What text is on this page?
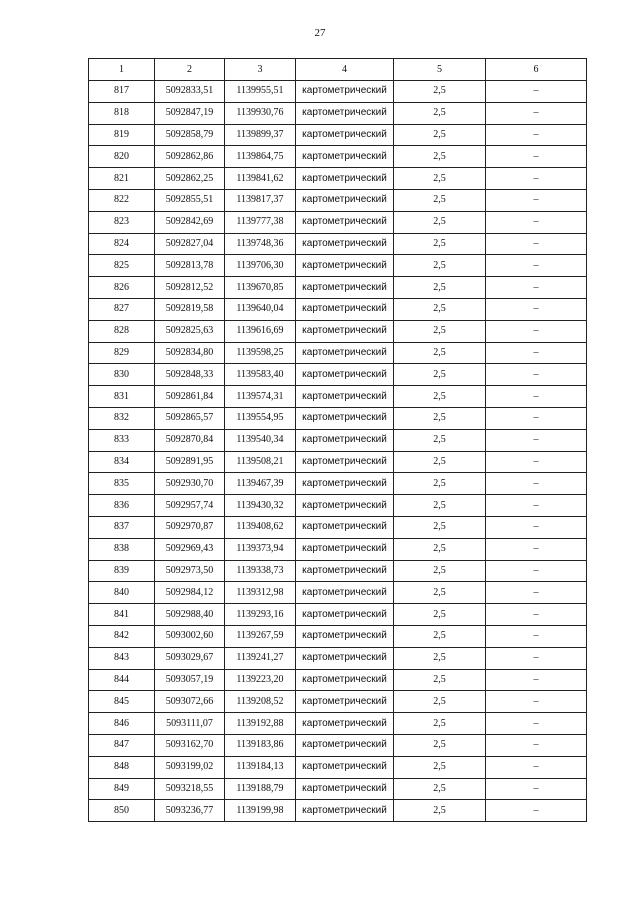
27
1	2	3	4	5	6
817	5092833,51	1139955,51	картометрический	2,5	–
818	5092847,19	1139930,76	картометрический	2,5	–
819	5092858,79	1139899,37	картометрический	2,5	–
820	5092862,86	1139864,75	картометрический	2,5	–
821	5092862,25	1139841,62	картометрический	2,5	–
822	5092855,51	1139817,37	картометрический	2,5	–
823	5092842,69	1139777,38	картометрический	2,5	–
824	5092827,04	1139748,36	картометрический	2,5	–
825	5092813,78	1139706,30	картометрический	2,5	–
826	5092812,52	1139670,85	картометрический	2,5	–
827	5092819,58	1139640,04	картометрический	2,5	–
828	5092825,63	1139616,69	картометрический	2,5	–
829	5092834,80	1139598,25	картометрический	2,5	–
830	5092848,33	1139583,40	картометрический	2,5	–
831	5092861,84	1139574,31	картометрический	2,5	–
832	5092865,57	1139554,95	картометрический	2,5	–
833	5092870,84	1139540,34	картометрический	2,5	–
834	5092891,95	1139508,21	картометрический	2,5	–
835	5092930,70	1139467,39	картометрический	2,5	–
836	5092957,74	1139430,32	картометрический	2,5	–
837	5092970,87	1139408,62	картометрический	2,5	–
838	5092969,43	1139373,94	картометрический	2,5	–
839	5092973,50	1139338,73	картометрический	2,5	–
840	5092984,12	1139312,98	картометрический	2,5	–
841	5092988,40	1139293,16	картометрический	2,5	–
842	5093002,60	1139267,59	картометрический	2,5	–
843	5093029,67	1139241,27	картометрический	2,5	–
844	5093057,19	1139223,20	картометрический	2,5	–
845	5093072,66	1139208,52	картометрический	2,5	–
846	5093111,07	1139192,88	картометрический	2,5	–
847	5093162,70	1139183,86	картометрический	2,5	–
848	5093199,02	1139184,13	картометрический	2,5	–
849	5093218,55	1139188,79	картометрический	2,5	–
850	5093236,77	1139199,98	картометрический	2,5	–
